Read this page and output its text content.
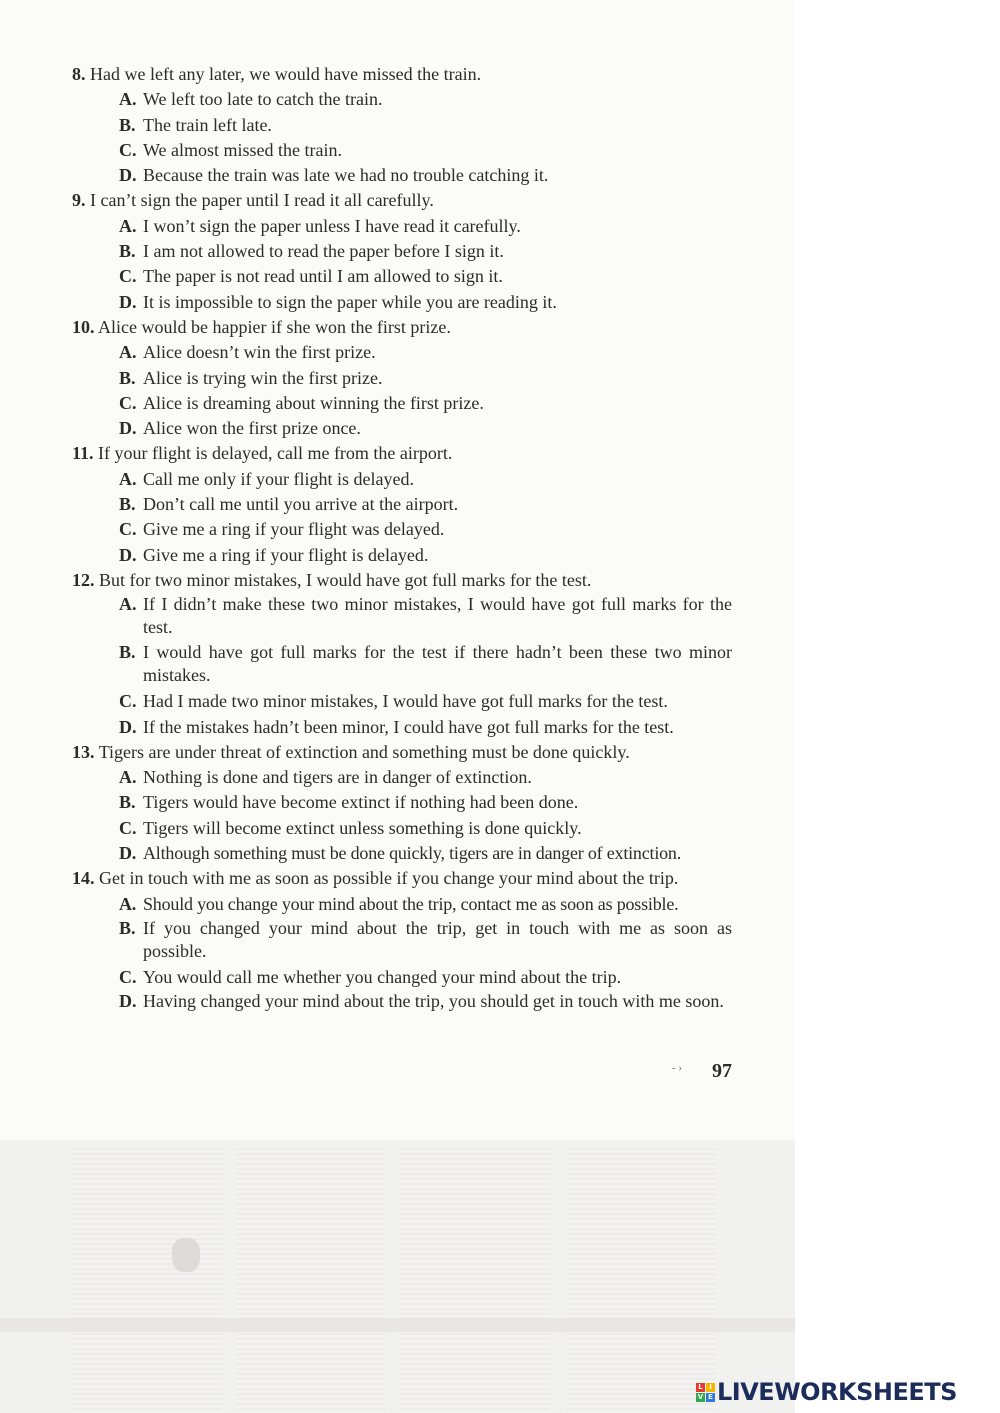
8. Had we left any later, we would have missed the train.

A. We left too late to catch the train.

B. The train left late.

C. We almost missed the train.

D. Because the train was late we had no trouble catching it.

9. I can’t sign the paper until I read it all carefully.

A. I won’t sign the paper unless I have read it carefully.

B. I am not allowed to read the paper before I sign it.

C. The paper is not read until I am allowed to sign it.

D. It is impossible to sign the paper while you are reading it.

10. Alice would be happier if she won the first prize.

A. Alice doesn’t win the first prize.

B. Alice is trying win the first prize.

C. Alice is dreaming about winning the first prize.

D. Alice won the first prize once.

11. If your flight is delayed, call me from the airport.

A. Call me only if your flight is delayed.

B. Don’t call me until you arrive at the airport.

C. Give me a ring if your flight was delayed.

D. Give me a ring if your flight is delayed.

12. But for two minor mistakes, I would have got full marks for the test.

A. If I didn’t make these two minor mistakes, I would have got full marks for the test.

B. I would have got full marks for the test if there hadn’t been these two minor mistakes.

C. Had I made two minor mistakes, I would have got full marks for the test.

D. If the mistakes hadn’t been minor, I could have got full marks for the test.

13. Tigers are under threat of extinction and something must be done quickly.

A. Nothing is done and tigers are in danger of extinction.

B. Tigers would have become extinct if nothing had been done.

C. Tigers will become extinct unless something is done quickly.

D. Although something must be done quickly, tigers are in danger of extinction.

14. Get in touch with me as soon as possible if you change your mind about the trip.

A. Should you change your mind about the trip, contact me as soon as possible.

B. If you changed your mind about the trip, get in touch with me as soon as possible.

C. You would call me whether you changed your mind about the trip.

D. Having changed your mind about the trip, you should get in touch with me soon.

- ›	97
L I
V E LIVEWORKSHEETS
